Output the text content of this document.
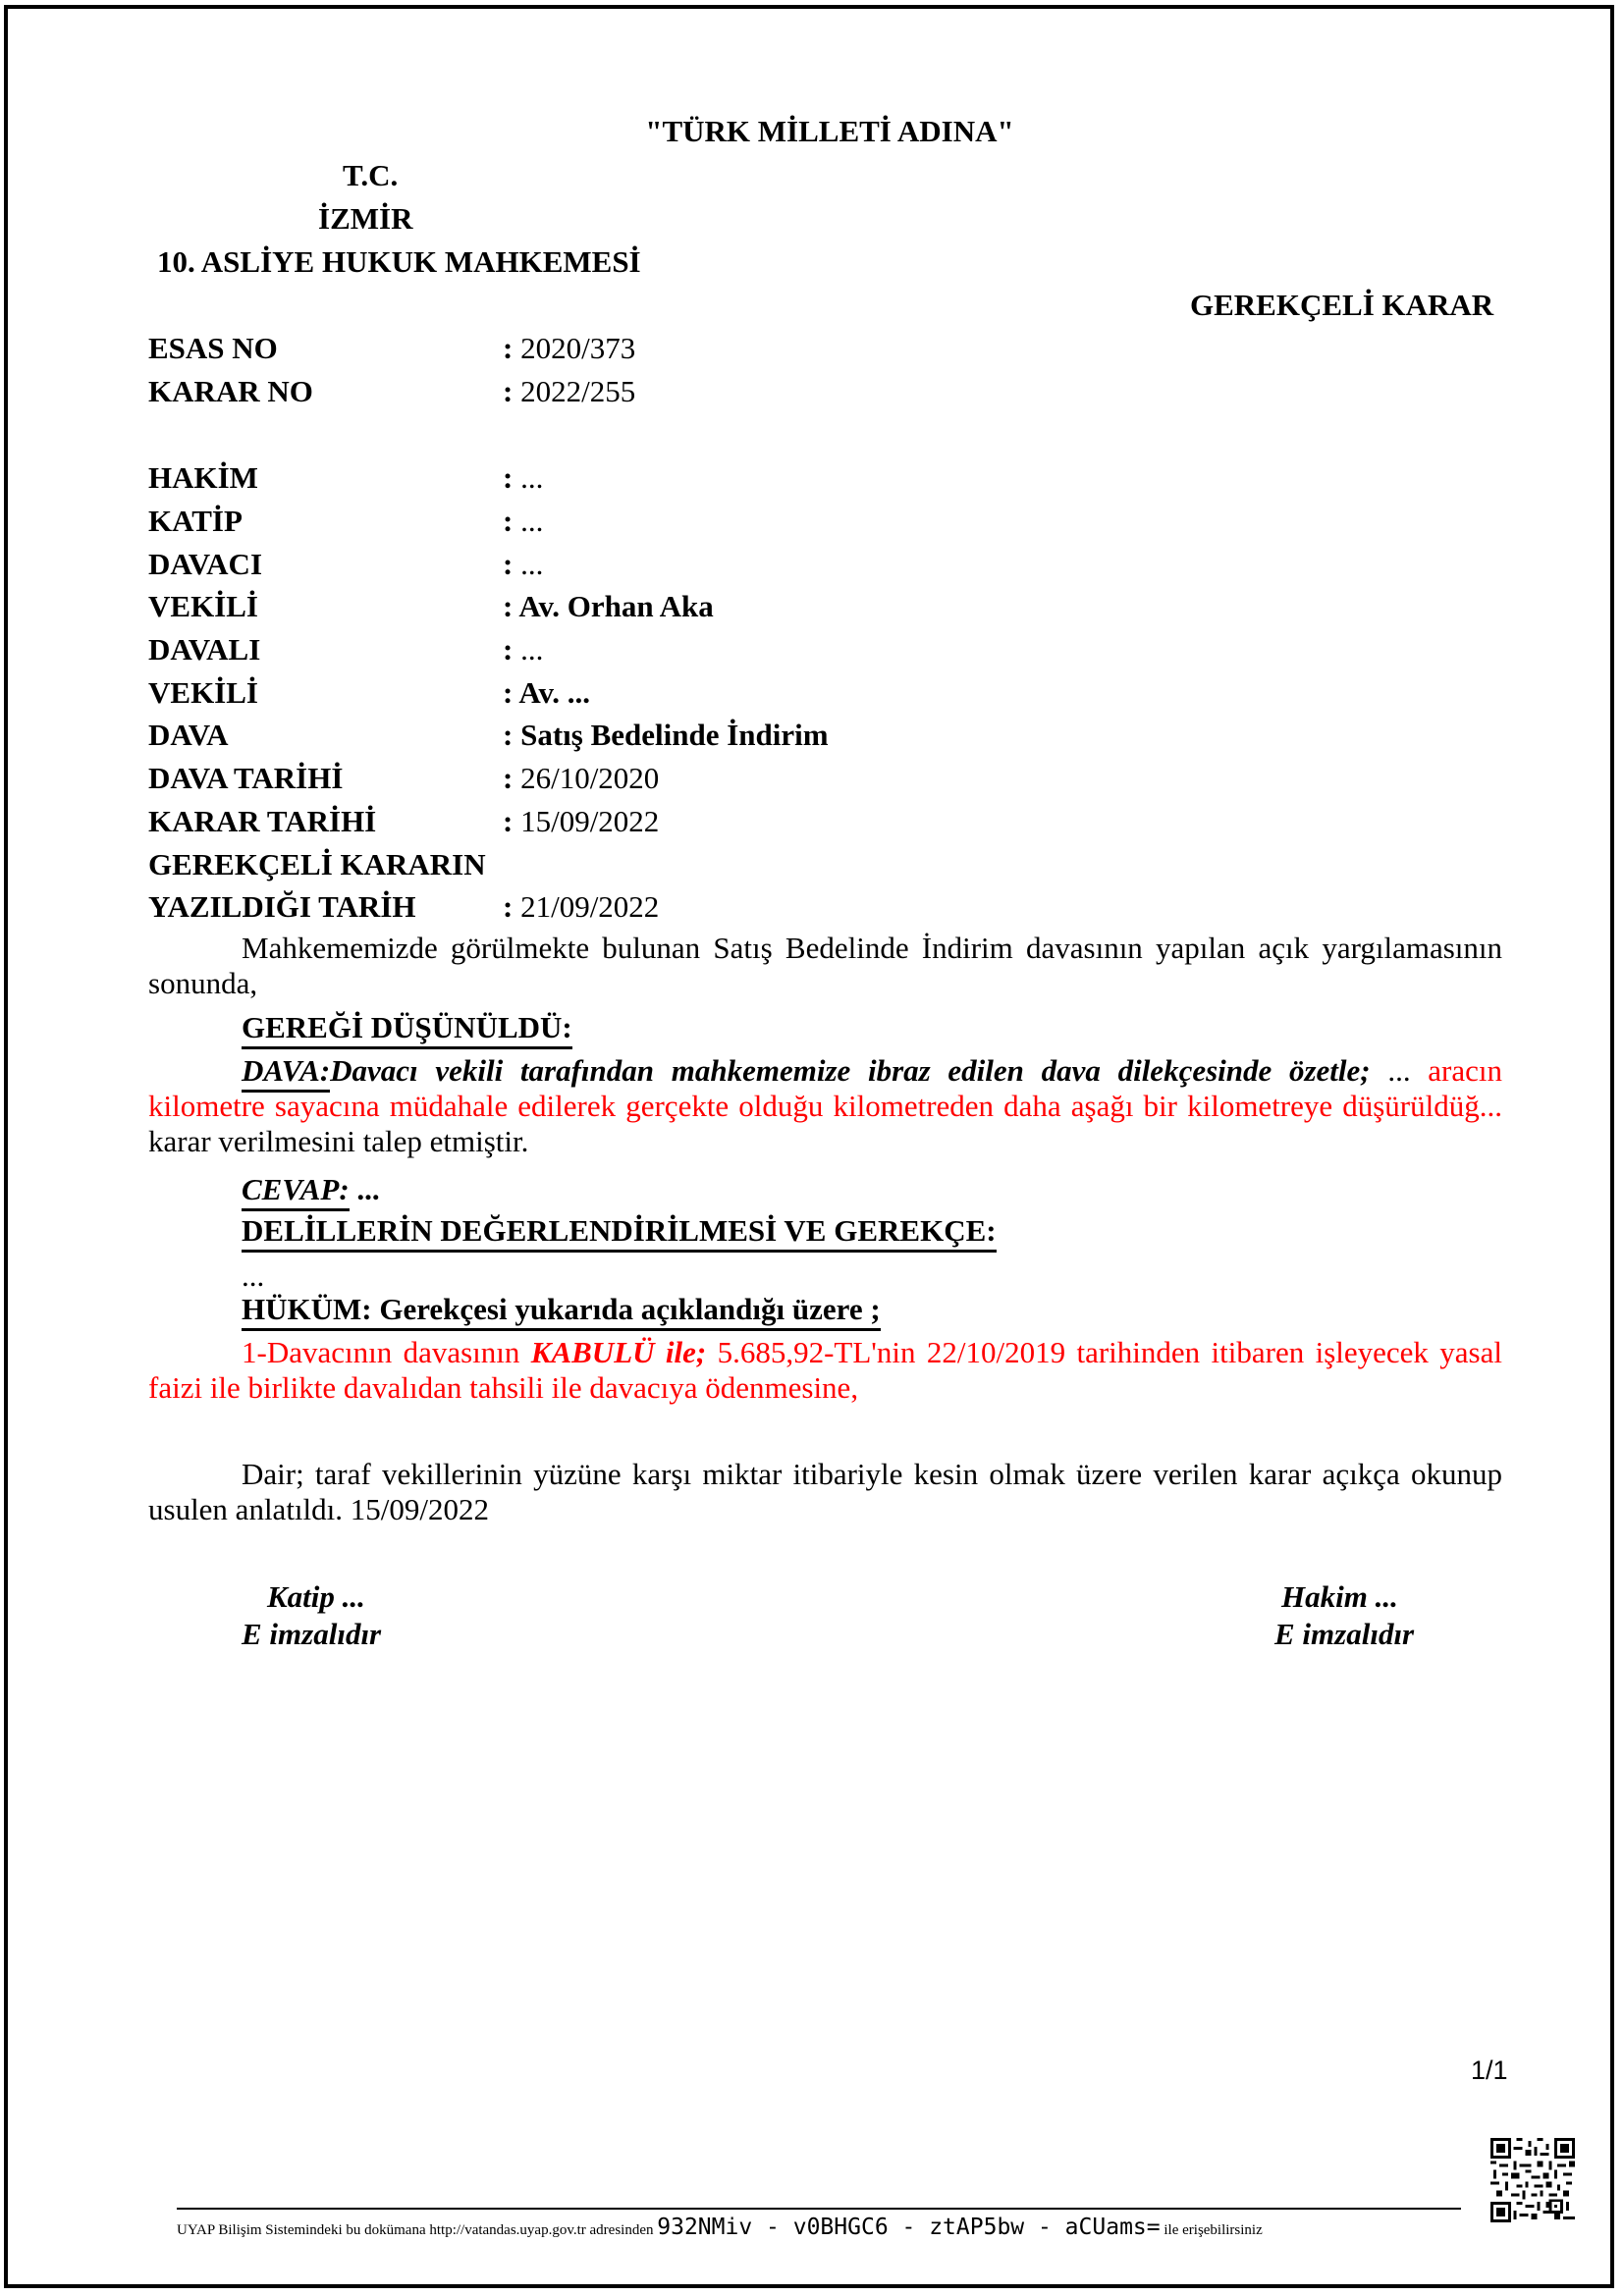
"TÜRK MİLLETİ ADINA"
T.C.
İZMİR
10. ASLİYE HUKUK MAHKEMESİ
GEREKÇELİ KARAR
ESAS NO	: 2020/373
KARAR NO	: 2022/255
HAKİM	: ...
KATİP	: ...
DAVACI	: ...
VEKİLİ	: Av. Orhan Aka
DAVALI	: ...
VEKİLİ	: Av. ...
DAVA	: Satış Bedelinde İndirim
DAVA TARİHİ	: 26/10/2020
KARAR TARİHİ	: 15/09/2022
GEREKÇELİ KARARIN
YAZILDIĞI TARİH	: 21/09/2022
Mahkememizde görülmekte bulunan Satış Bedelinde İndirim davasının yapılan açık yargılamasının sonunda,
GEREĞİ DÜŞÜNÜLDÜ:
DAVA:Davacı vekili tarafından mahkememize ibraz edilen dava dilekçesinde özetle; ... aracın kilometre sayacına müdahale edilerek gerçekte olduğu kilometreden daha aşağı bir kilometreye düşürüldüğ... karar verilmesini talep etmiştir.
CEVAP: ...
DELİLLERİN DEĞERLENDİRİLMESİ VE GEREKÇE:
...
HÜKÜM: Gerekçesi yukarıda açıklandığı üzere ;
1-Davacının davasının KABULÜ ile; 5.685,92-TL'nin 22/10/2019 tarihinden itibaren işleyecek yasal faizi ile birlikte davalıdan tahsili ile davacıya ödenmesine,
Dair; taraf vekillerinin yüzüne karşı miktar itibariyle kesin olmak üzere verilen karar açıkça okunup usulen anlatıldı. 15/09/2022
Katip ...
E imzalıdır
Hakim ...
E imzalıdır
1/1
UYAP Bilişim Sistemindeki bu dokümana http://vatandas.uyap.gov.tr adresinden 932NMiv - v0BHGC6 - ztAP5bw - aCUams= ile erişebilirsiniz
